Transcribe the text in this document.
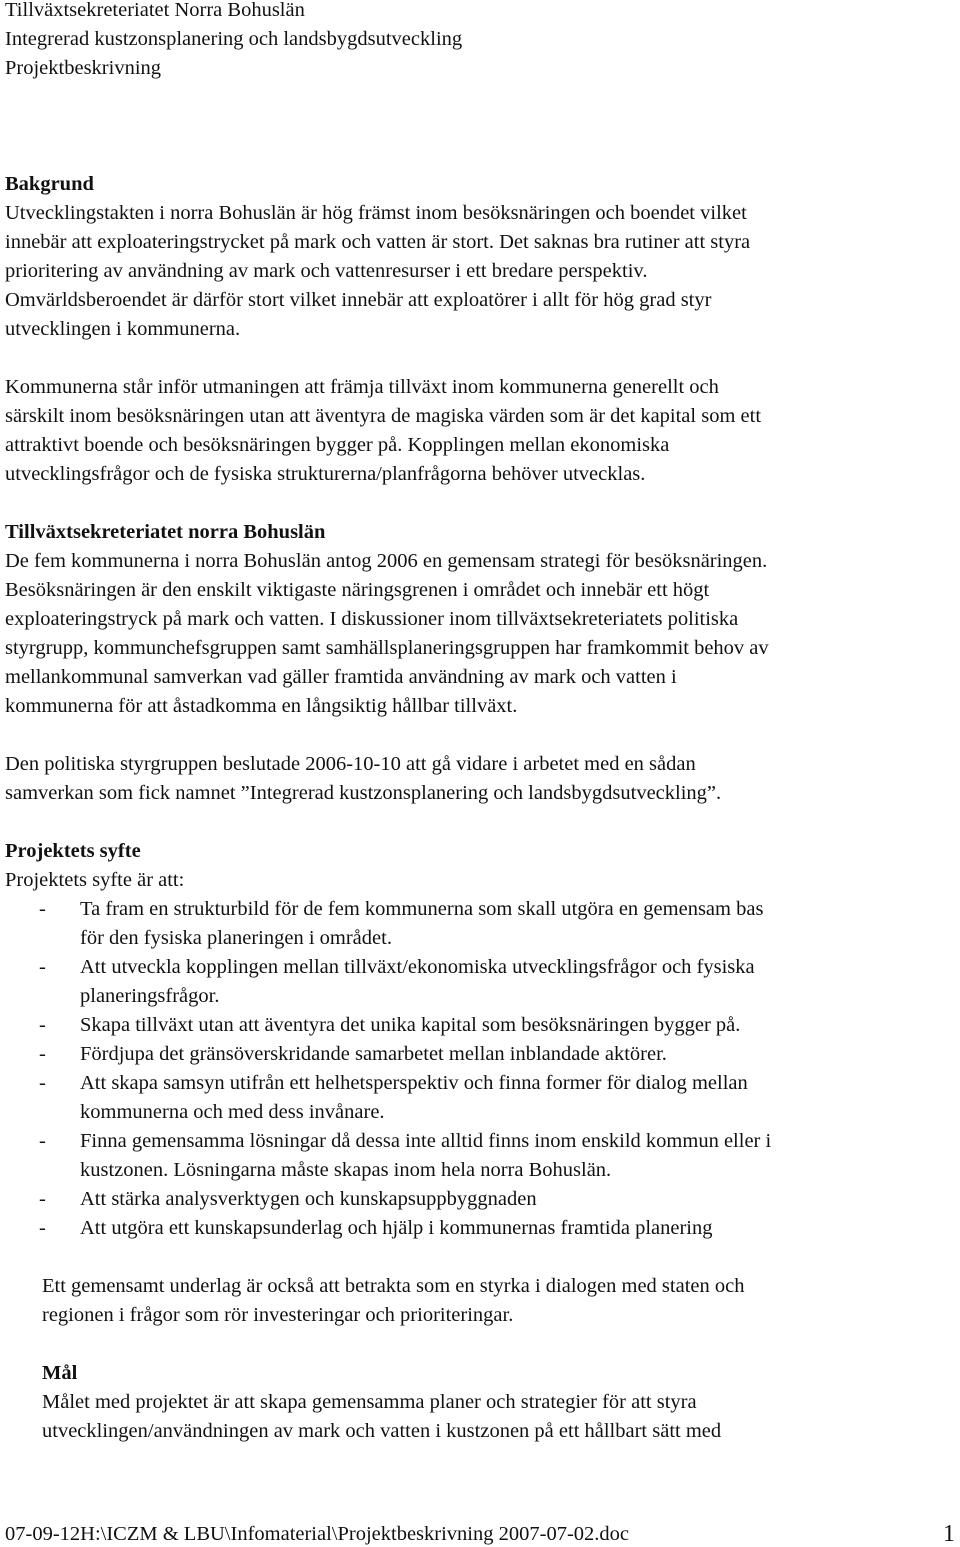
Tillväxtsekreteriatet Norra Bohuslän
Integrerad kustzonsplanering och landsbygdsutveckling
Projektbeskrivning
Bakgrund
Utvecklingstakten i norra Bohuslän är hög främst inom besöksnäringen och boendet vilket
innebär att exploateringstrycket på mark och vatten är stort. Det saknas bra rutiner att styra
prioritering av användning av mark och vattenresurser i ett bredare perspektiv.
Omvärldsberoendet är därför stort vilket innebär att exploatörer i allt för hög grad styr
utvecklingen i kommunerna.
Kommunerna står inför utmaningen att främja tillväxt inom kommunerna generellt och
särskilt inom besöksnäringen utan att äventyra de magiska värden som är det kapital som ett
attraktivt boende och besöksnäringen bygger på. Kopplingen mellan ekonomiska
utvecklingsfrågor och de fysiska strukturerna/planfrågorna behöver utvecklas.
Tillväxtsekreteriatet norra Bohuslän
De fem kommunerna i norra Bohuslän antog 2006 en gemensam strategi för besöksnäringen.
Besöksnäringen är den enskilt viktigaste näringsgrenen i området och innebär ett högt
exploateringstryck på mark och vatten. I diskussioner inom tillväxtsekreteriatets politiska
styrgrupp, kommunchefsgruppen samt samhällsplaneringsgruppen har framkommit behov av
mellankommunal samverkan vad gäller framtida användning av mark och vatten i
kommunerna för att åstadkomma en långsiktig hållbar tillväxt.
Den politiska styrgruppen beslutade 2006-10-10 att gå vidare i arbetet med en sådan
samverkan som fick namnet ”Integrerad kustzonsplanering och landsbygdsutveckling”.
Projektets syfte
Projektets syfte är att:
- Ta fram en strukturbild för de fem kommunerna som skall utgöra en gemensam bas
för den fysiska planeringen i området.
- Att utveckla kopplingen mellan tillväxt/ekonomiska utvecklingsfrågor och fysiska
planeringsfrågor.
- Skapa tillväxt utan att äventyra det unika kapital som besöksnäringen bygger på.
- Fördjupa det gränsöverskridande samarbetet mellan inblandade aktörer.
- Att skapa samsyn utifrån ett helhetsperspektiv och finna former för dialog mellan
kommunerna och med dess invånare.
- Finna gemensamma lösningar då dessa inte alltid finns inom enskild kommun eller i
kustzonen. Lösningarna måste skapas inom hela norra Bohuslän.
- Att stärka analysverktygen och kunskapsuppbyggnaden
- Att utgöra ett kunskapsunderlag och hjälp i kommunernas framtida planering
Ett gemensamt underlag är också att betrakta som en styrka i dialogen med staten och
regionen i frågor som rör investeringar och prioriteringar.
Mål
Målet med projektet är att skapa gemensamma planer och strategier för att styra
utvecklingen/användningen av mark och vatten i kustzonen på ett hållbart sätt med
07-09-12H:\ICZM & LBU\Infomaterial\Projektbeskrivning 2007-07-02.doc	1
